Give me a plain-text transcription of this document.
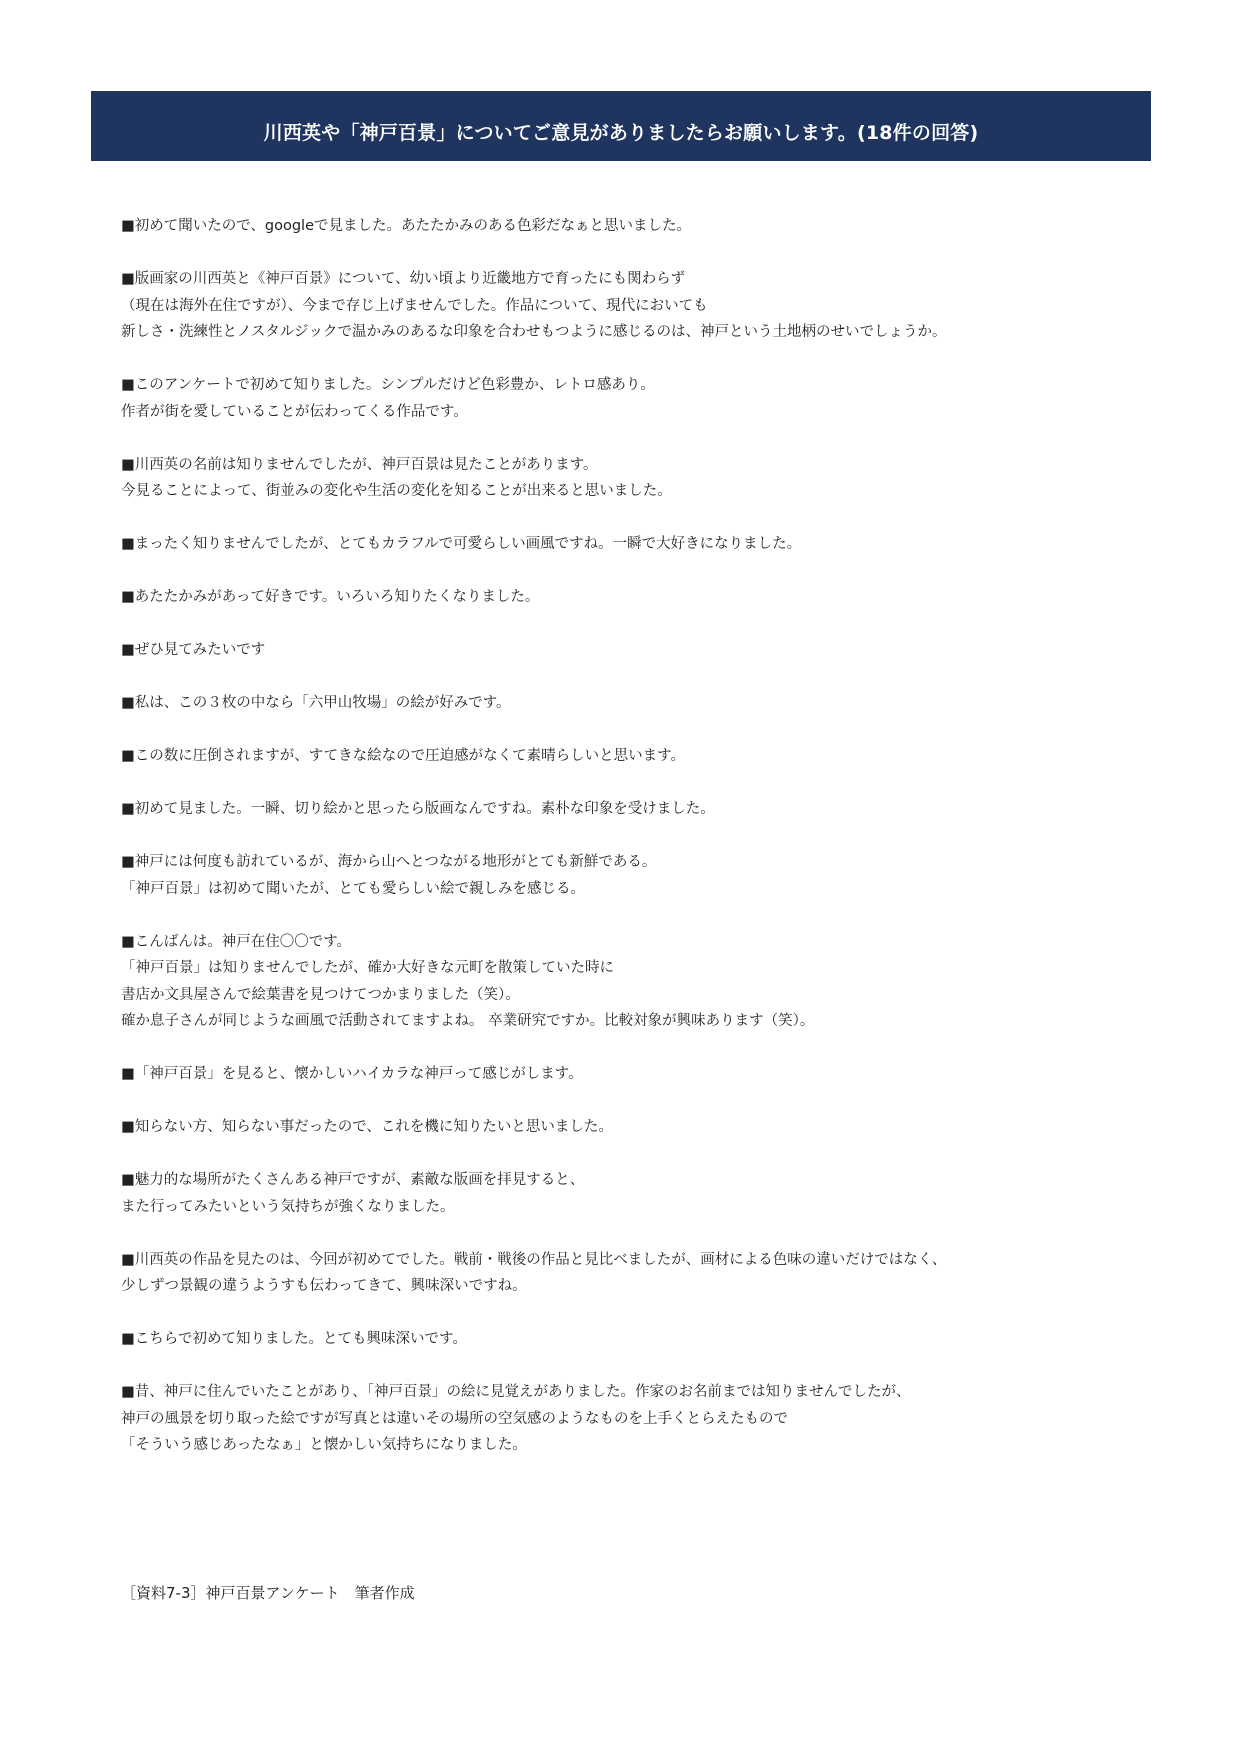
川西英や「神戸百景」についてご意見がありましたらお願いします。(18件の回答)
■初めて聞いたので、googleで見ました。あたたかみのある色彩だなぁと思いました。
■版画家の川西英と《神戸百景》について、幼い頃より近畿地方で育ったにも関わらず
（現在は海外在住ですが）、今まで存じ上げませんでした。作品について、現代においても
新しさ・洗練性とノスタルジックで温かみのあるな印象を合わせもつように感じるのは、神戸という土地柄のせいでしょうか。
■このアンケートで初めて知りました。シンプルだけど色彩豊か、レトロ感あり。
作者が街を愛していることが伝わってくる作品です。
■川西英の名前は知りませんでしたが、神戸百景は見たことがあります。
今見ることによって、街並みの変化や生活の変化を知ることが出来ると思いました。
■まったく知りませんでしたが、とてもカラフルで可愛らしい画風ですね。一瞬で大好きになりました。
■あたたかみがあって好きです。いろいろ知りたくなりました。
■ぜひ見てみたいです
■私は、この３枚の中なら「六甲山牧場」の絵が好みです。
■この数に圧倒されますが、すてきな絵なので圧迫感がなくて素晴らしいと思います。
■初めて見ました。一瞬、切り絵かと思ったら版画なんですね。素朴な印象を受けました。
■神戸には何度も訪れているが、海から山へとつながる地形がとても新鮮である。
「神戸百景」は初めて聞いたが、とても愛らしい絵で親しみを感じる。
■こんばんは。神戸在住〇〇です。
「神戸百景」は知りませんでしたが、確か大好きな元町を散策していた時に
書店か文具屋さんで絵葉書を見つけてつかまりました（笑）。
確か息子さんが同じような画風で活動されてますよね。 卒業研究ですか。比較対象が興味あります（笑）。
■「神戸百景」を見ると、懐かしいハイカラな神戸って感じがします。
■知らない方、知らない事だったので、これを機に知りたいと思いました。
■魅力的な場所がたくさんある神戸ですが、素敵な版画を拝見すると、
また行ってみたいという気持ちが強くなりました。
■川西英の作品を見たのは、今回が初めてでした。戦前・戦後の作品と見比べましたが、画材による色味の違いだけではなく、
少しずつ景観の違うようすも伝わってきて、興味深いですね。
■こちらで初めて知りました。とても興味深いです。
■昔、神戸に住んでいたことがあり、「神戸百景」の絵に見覚えがありました。作家のお名前までは知りませんでしたが、
神戸の風景を切り取った絵ですが写真とは違いその場所の空気感のようなものを上手くとらえたもので
「そういう感じあったなぁ」と懐かしい気持ちになりました。
［資料7-3］神戸百景アンケート　筆者作成
